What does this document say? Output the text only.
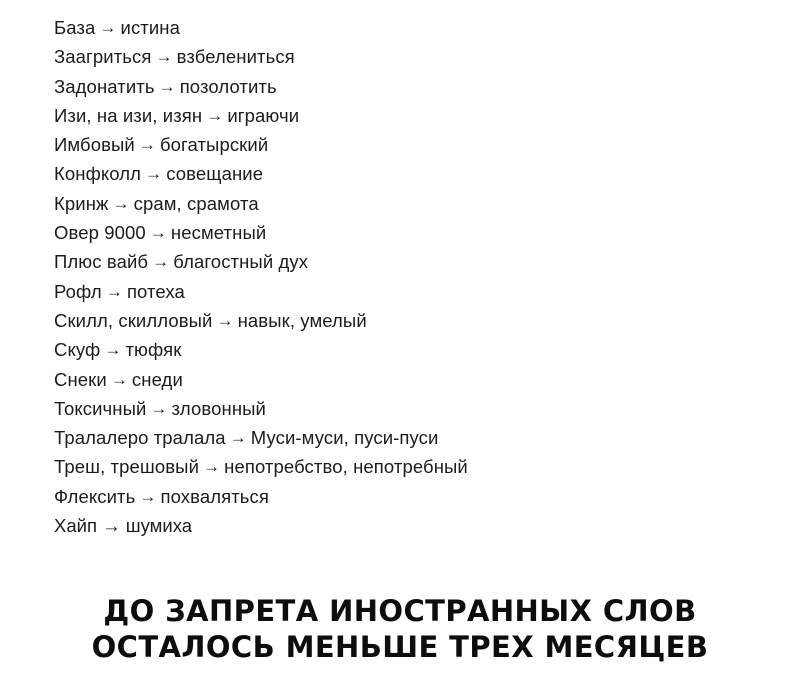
База → истина
Заагриться → взбелениться
Задонатить → позолотить
Изи, на изи, изян → играючи
Имбовый → богатырский
Конфколл → совещание
Кринж → срам, срамота
Овер 9000 → несметный
Плюс вайб → благостный дух
Рофл → потеха
Скилл, скилловый → навык, умелый
Скуф → тюфяк
Снеки → снеди
Токсичный → зловонный
Тралалеро тралала → Муси-муси, пуси-пуси
Треш, трешовый → непотребство, непотребный
Флексить → похваляться
Хайп → шумиха
ДО ЗАПРЕТА ИНОСТРАННЫХ СЛОВ
ОСТАЛОСЬ МЕНЬШЕ ТРЕХ МЕСЯЦЕВ
